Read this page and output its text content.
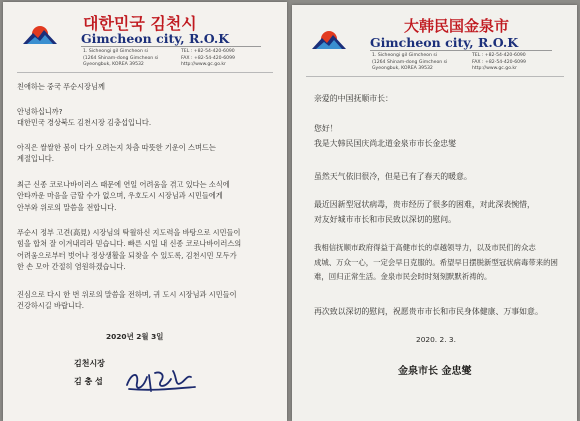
대한민국 김천시
Gimcheon city, R.O.K
1. Sicheongi gil Gimcheon si
(1264 Shinam-dong Gimcheon si
Gyeongbuk, KOREA 39532
TEL : +82-54-420-6090
FAX : +82-54-420-6099
http://www.gc.go.kr
친애하는 중국 푸순시장님께
안녕하십니까?
대한민국 경상북도 김천시장 김충섭입니다.
아직은 쌀쌀한 봄이 다가 오려는지 차츰 따뜻한 기운이 스며드는
계절입니다.
최근 신종 코로나바이러스 때문에 연일 어려움을 겪고 있다는 소식에
안타까운 마음을 금할 수가 없으며, 우호도시 시장님과 시민들에게
안부와 위로의 말씀을 전합니다.
푸순시 정부 고견(高見) 시장님의 탁월하신 지도력을 바탕으로 시민들이
힘을 합쳐 잘 이겨내리라 믿습니다. 빠른 시일 내 신종 코로나바이러스의
어려움으로부터 벗어나 정상생활을 되찾을 수 있도록, 김천시민 모두가
한 손 모아 간절히 염원하겠습니다.
진심으로 다시 한 번 위로의 말씀을 전하며, 귀 도시 시장님과 시민들이
건강하시길 바랍니다.
2020년 2월 3일
김천시장
김 충 섭
大韩民国金泉市
Gimcheon city, R.O.K
1. Sicheongi gil Gimcheon si
(1264 Shinam-dong Gimcheon si
Gyeongbuk, KOREA 39532
TEL : +82-54-420-6090
FAX : +82-54-420-6099
http://www.gc.go.kr
亲爱的中国抚顺市长：
您好！
我是大韩民国庆尚北道金泉市市长金忠燮
虽然天气依旧很冷，但是已有了春天的暖意。
最近因新型冠状病毒，贵市经历了很多的困难，对此深表惋惜，
对友好城市市长和市民致以深切的慰问。
我相信抚顺市政府得益于高健市长的卓越领导力，以及市民们的众志
成城、万众一心，一定会早日克服的。希望早日摆脱新型冠状病毒带来的困
难，回归正常生活。金泉市民会时时刻刻默默祈祷的。
再次致以深切的慰问，祝愿贵市市长和市民身体健康、万事如意。
2020. 2. 3.
金泉市长 金忠燮
